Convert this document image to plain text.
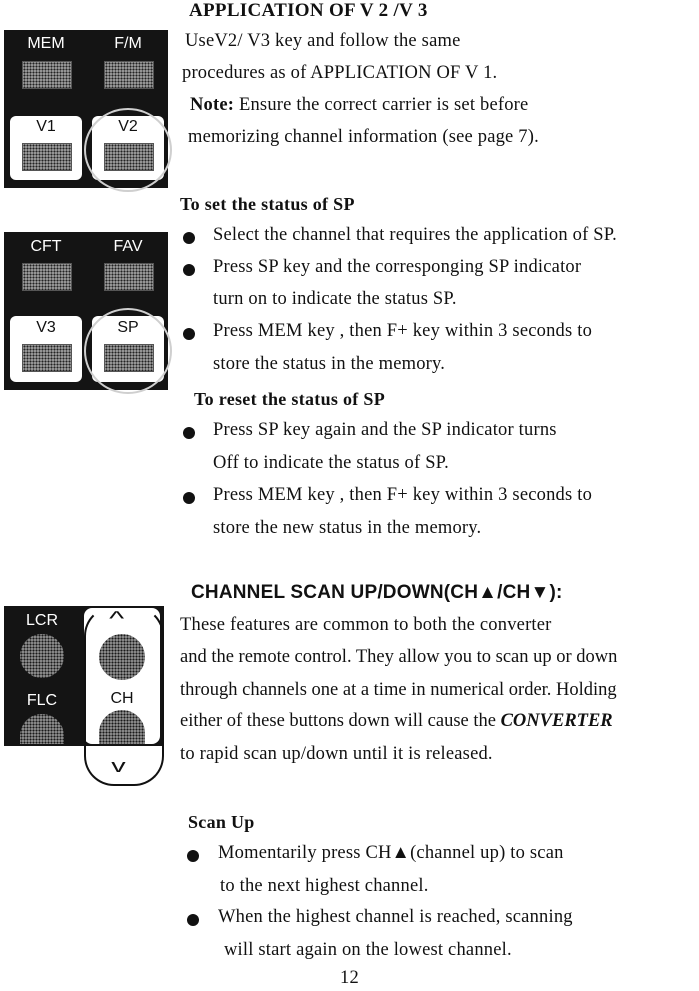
MEM	F/M
V1	V2
APPLICATION OF V 2 /V 3
UseV2/ V3 key and follow the same
procedures as of APPLICATION OF V 1.
Note: Ensure the correct carrier is set before
memorizing channel information (see page 7).
CFT	FAV
V3	SP
To set the status of SP
Select the channel that requires the application of SP.
Press SP key and the corresponging SP indicator
turn on to indicate the status SP.
Press MEM key , then F+ key within 3 seconds to
store the status in the memory.
To reset the status of SP
Press SP key again and the SP indicator turns
Off to indicate the status of SP.
Press MEM key , then F+ key within 3 seconds to
store the new status in the memory.
LCR
FLC
^
CH
v
CHANNEL SCAN UP/DOWN(CH▲/CH▼):
These features are common to both the converter
and the remote control. They allow you to scan up or down
through channels one at a time in numerical order. Holding
either of these buttons down will cause the CONVERTER
to rapid scan up/down until it is released.
Scan Up
Momentarily press CH▲(channel up) to scan
to the next highest channel.
When the highest channel is reached, scanning
will start again on the lowest channel.
12
